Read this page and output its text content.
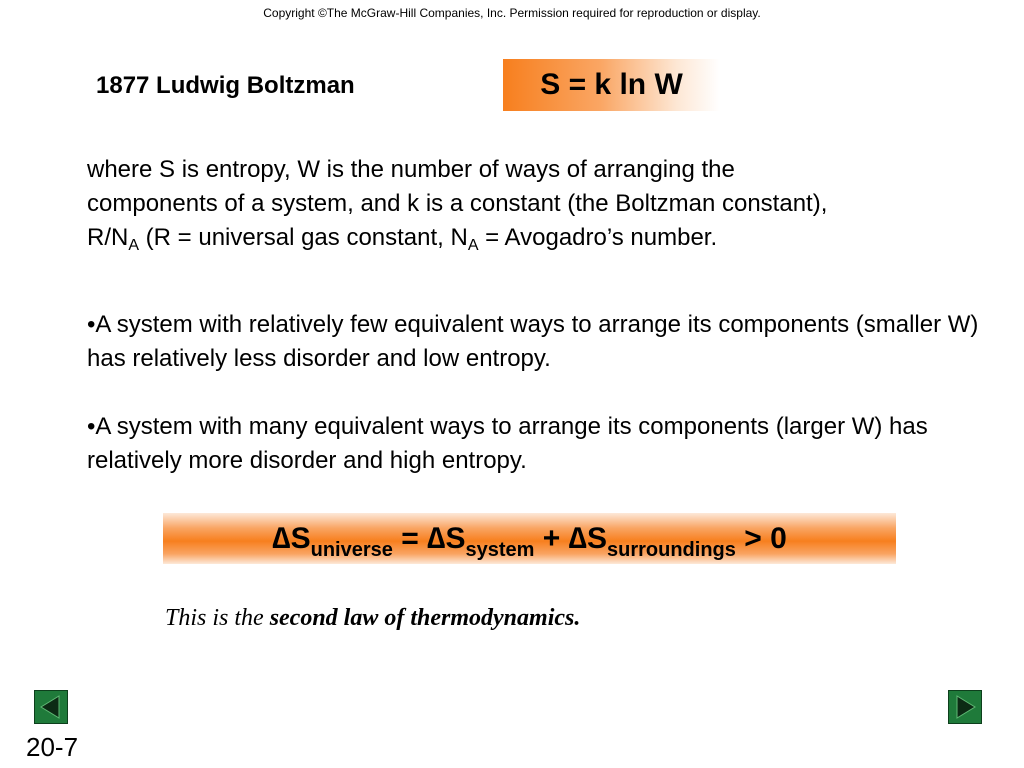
Copyright ©The McGraw-Hill Companies, Inc. Permission required for reproduction or display.
1877 Ludwig Boltzman	S = k ln W
where S is entropy, W is the number of ways of arranging the
components of a system, and k is a constant (the Boltzman constant),
$R/N_A$ (R = universal gas constant, $N_A$ = Avogadro’s number.
•A system with relatively few equivalent ways to arrange its components (smaller W) has relatively less disorder and low entropy.
•A system with many equivalent ways to arrange its components (larger W) has relatively more disorder and high entropy.
$\Delta S_{universe} = \Delta S_{system} + \Delta S_{surroundings} > 0$
This is the second law of thermodynamics.
20-7
